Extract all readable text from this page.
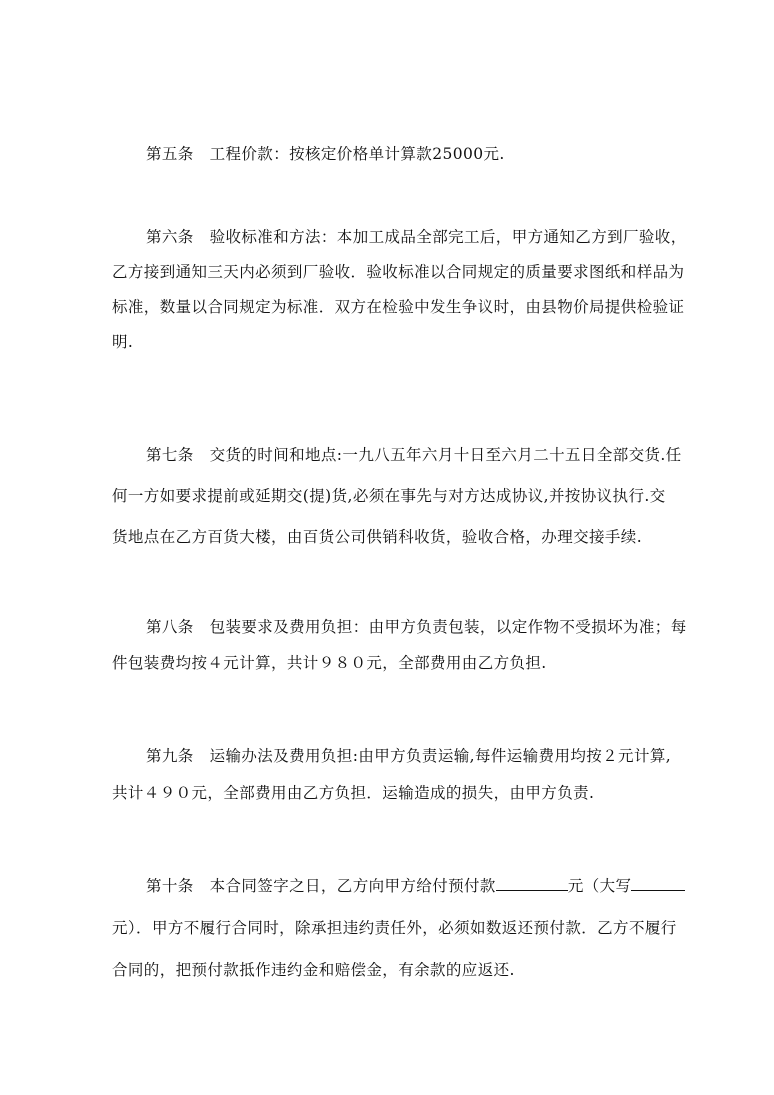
第五条　工程价款：按核定价格单计算款25000元.
第六条　验收标准和方法：本加工成品全部完工后，甲方通知乙方到厂验收，
乙方接到通知三天内必须到厂验收．验收标准以合同规定的质量要求图纸和样品为
标准，数量以合同规定为标准．双方在检验中发生争议时，由县物价局提供检验证
明.
第七条　交货的时间和地点:一九八五年六月十日至六月二十五日全部交货.任
何一方如要求提前或延期交(提)货,必须在事先与对方达成协议,并按协议执行.交
货地点在乙方百货大楼，由百货公司供销科收货，验收合格，办理交接手续.
第八条　包装要求及费用负担：由甲方负责包装，以定作物不受损坏为准；每
件包装费均按４元计算，共计９８０元，全部费用由乙方负担.
第九条　运输办法及费用负担:由甲方负责运输,每件运输费用均按２元计算,
共计４９０元，全部费用由乙方负担．运输造成的损失，由甲方负责.
第十条　本合同签字之日，乙方向甲方给付预付款	元（大写
元）．甲方不履行合同时，除承担违约责任外，必须如数返还预付款．乙方不履行
合同的，把预付款抵作违约金和赔偿金，有余款的应返还.
